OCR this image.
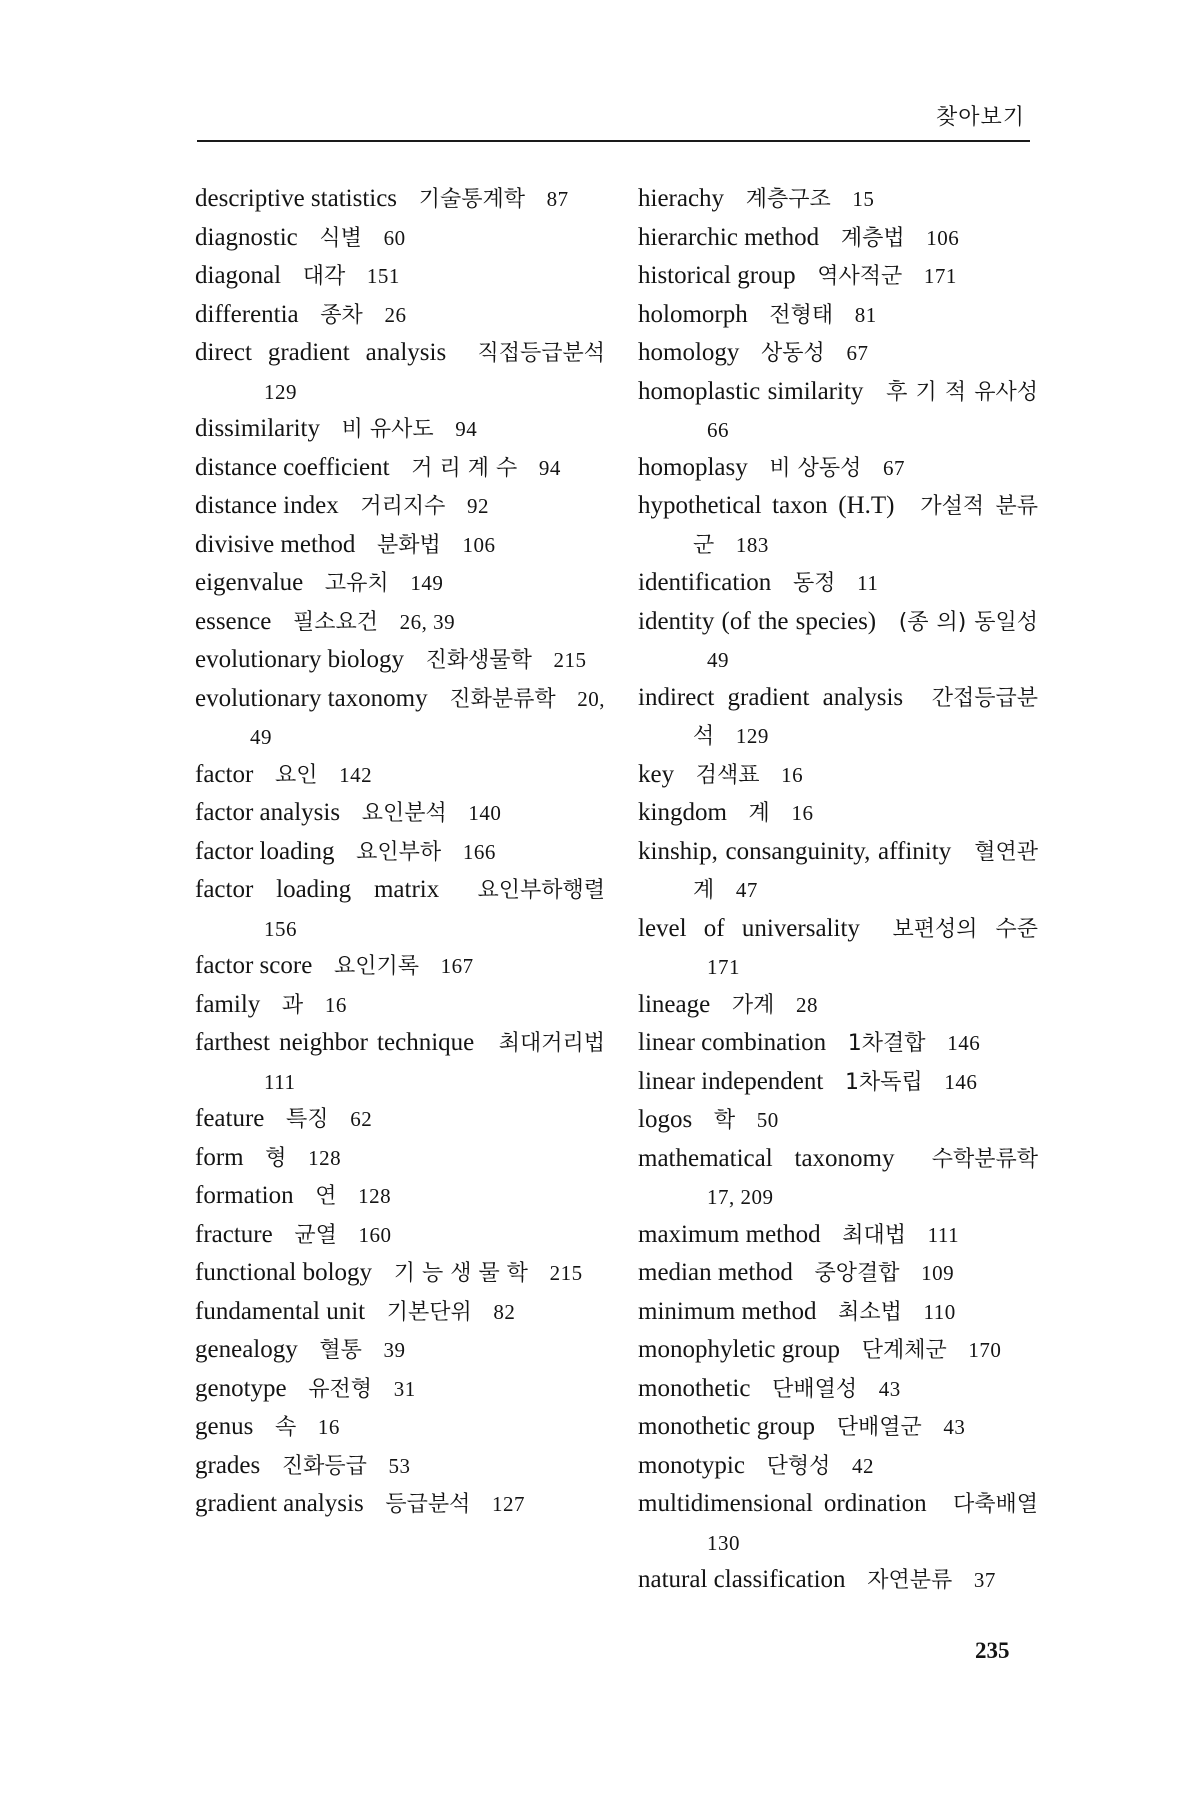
찾아보기
descriptive statistics 기술통계학 87
diagnostic 식별 60
diagonal 대각 151
differentia 종차 26
direct gradient analysis 직접등급분석 129
dissimilarity 비 유사도 94
distance coefficient 거 리 계 수 94
distance index 거리지수 92
divisive method 분화법 106
eigenvalue 고유치 149
essence 필소요건 26, 39
evolutionary biology 진화생물학 215
evolutionary taxonomy 진화분류학 20, 49
factor 요인 142
factor analysis 요인분석 140
factor loading 요인부하 166
factor loading matrix 요인부하행렬 156
factor score 요인기록 167
family 과 16
farthest neighbor technique 최대거리법 111
feature 특징 62
form 형 128
formation 연 128
fracture 균열 160
functional bology 기 능 생 물 학 215
fundamental unit 기본단위 82
genealogy 혈통 39
genotype 유전형 31
genus 속 16
grades 진화등급 53
gradient analysis 등급분석 127
hierachy 계층구조 15
hierarchic method 계층법 106
historical group 역사적군 171
holomorph 전형태 81
homology 상동성 67
homoplastic similarity 후 기 적 유사성 66
homoplasy 비 상동성 67
hypothetical taxon (H.T) 가설적 분류군 183
identification 동정 11
identity (of the species) (종 의) 동일성 49
indirect gradient analysis 간접등급분석 129
key 검색표 16
kingdom 계 16
kinship, consanguinity, affinity 혈연관계 47
level of universality 보편성의 수준 171
lineage 가계 28
linear combination 1차결합 146
linear independent 1차독립 146
logos 학 50
mathematical taxonomy 수학분류학 17, 209
maximum method 최대법 111
median method 중앙결합 109
minimum method 최소법 110
monophyletic group 단계체군 170
monothetic 단배열성 43
monothetic group 단배열군 43
monotypic 단형성 42
multidimensional ordination 다축배열 130
natural classification 자연분류 37
235
